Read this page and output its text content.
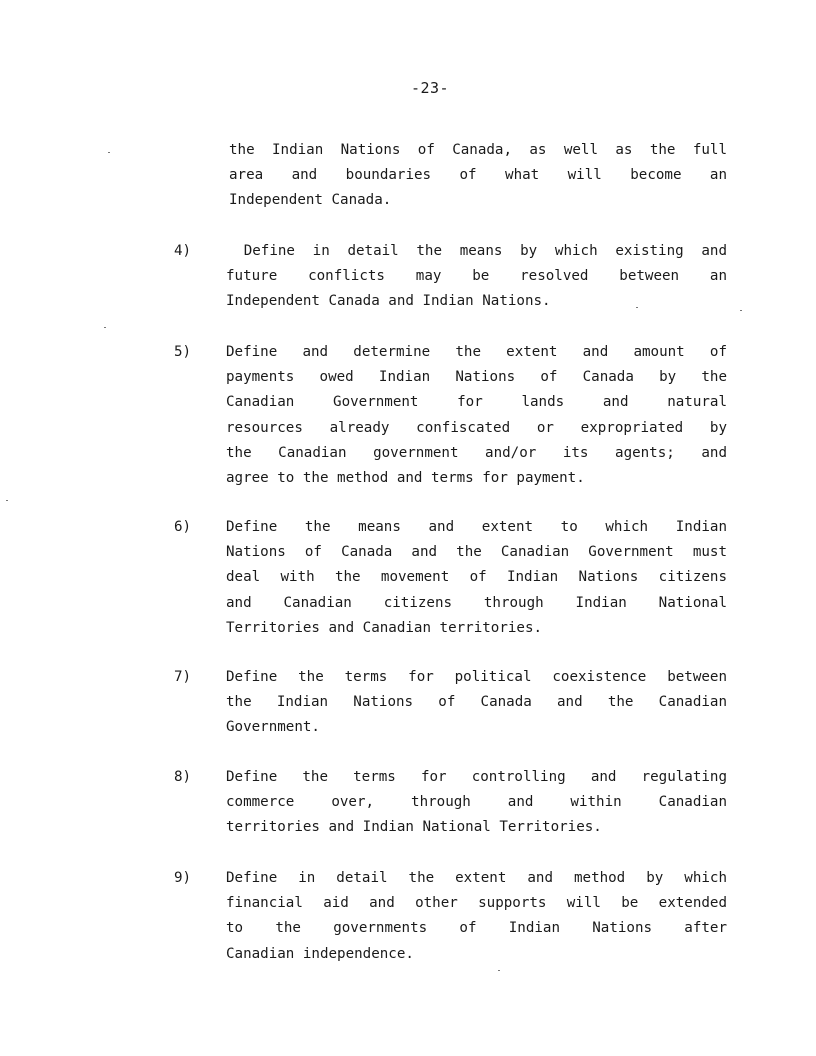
-23-
the Indian Nations of Canada, as well as the full
area and boundaries of what will become an
Independent Canada.
4) Define in detail the means by which existing and
future conflicts may be resolved between an
Independent Canada and Indian Nations.
5) Define and determine the extent and amount of
payments owed Indian Nations of Canada by the
Canadian Government for lands and natural
resources already confiscated or expropriated by
the Canadian government and/or its agents; and
agree to the method and terms for payment.
6) Define the means and extent to which Indian
Nations of Canada and the Canadian Government must
deal with the movement of Indian Nations citizens
and Canadian citizens through Indian National
Territories and Canadian territories.
7) Define the terms for political coexistence between
the Indian Nations of Canada and the Canadian
Government.
8) Define the terms for controlling and regulating
commerce over, through and within Canadian
territories and Indian National Territories.
9) Define in detail the extent and method by which
financial aid and other supports will be extended
to the governments of Indian Nations after
Canadian independence.
